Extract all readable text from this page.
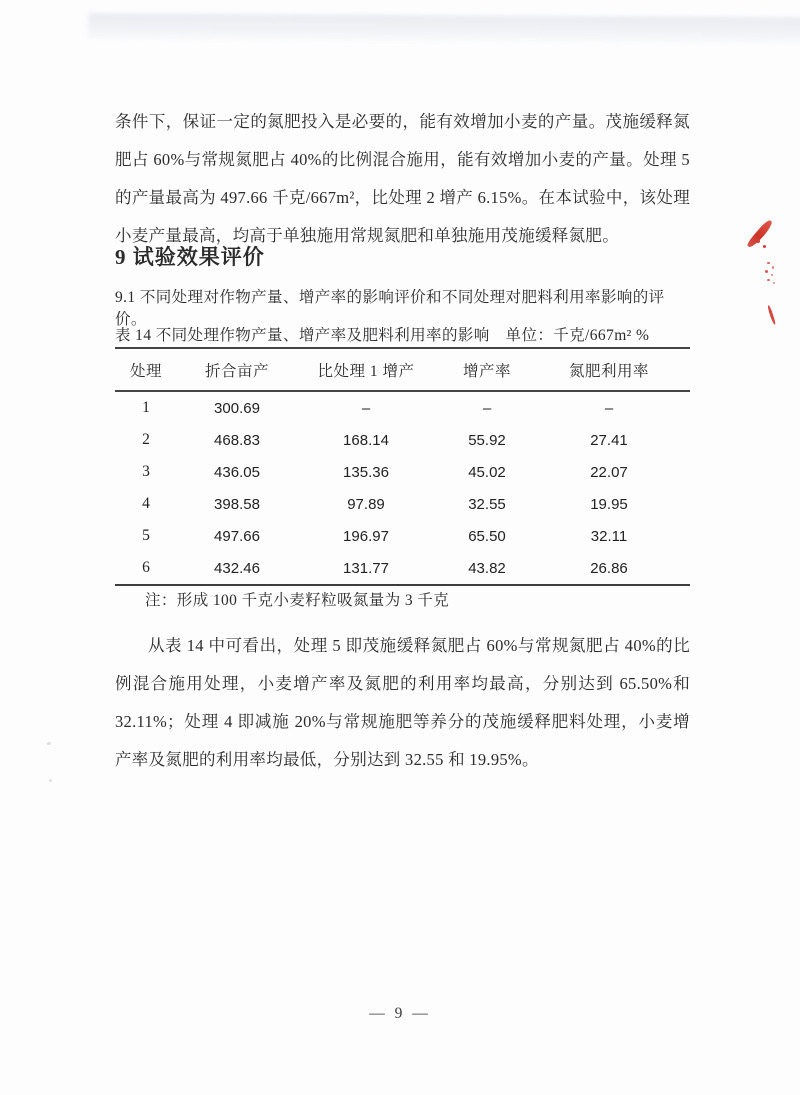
条件下，保证一定的氮肥投入是必要的，能有效增加小麦的产量。茂施缓释氮肥占 60%与常规氮肥占 40%的比例混合施用，能有效增加小麦的产量。处理 5 的产量最高为 497.66 千克/667m²，比处理 2 增产 6.15%。在本试验中，该处理小麦产量最高，均高于单独施用常规氮肥和单独施用茂施缓释氮肥。

9 试验效果评价

9.1 不同处理对作物产量、增产率的影响评价和不同处理对肥料利用率影响的评价。

表 14 不同处理作物产量、增产率及肥料利用率的影响　单位：千克/667m² %

处理	折合亩产	比处理 1 增产	增产率	氮肥利用率
1	300.69	–	–	–
2	468.83	168.14	55.92	27.41
3	436.05	135.36	45.02	22.07
4	398.58	97.89	32.55	19.95
5	497.66	196.97	65.50	32.11
6	432.46	131.77	43.82	26.86

注：形成 100 千克小麦籽粒吸氮量为 3 千克

从表 14 中可看出，处理 5 即茂施缓释氮肥占 60%与常规氮肥占 40%的比例混合施用处理，小麦增产率及氮肥的利用率均最高，分别达到 65.50%和 32.11%；处理 4 即减施 20%与常规施肥等养分的茂施缓释肥料处理，小麦增产率及氮肥的利用率均最低，分别达到 32.55 和 19.95%。

— 9 —
